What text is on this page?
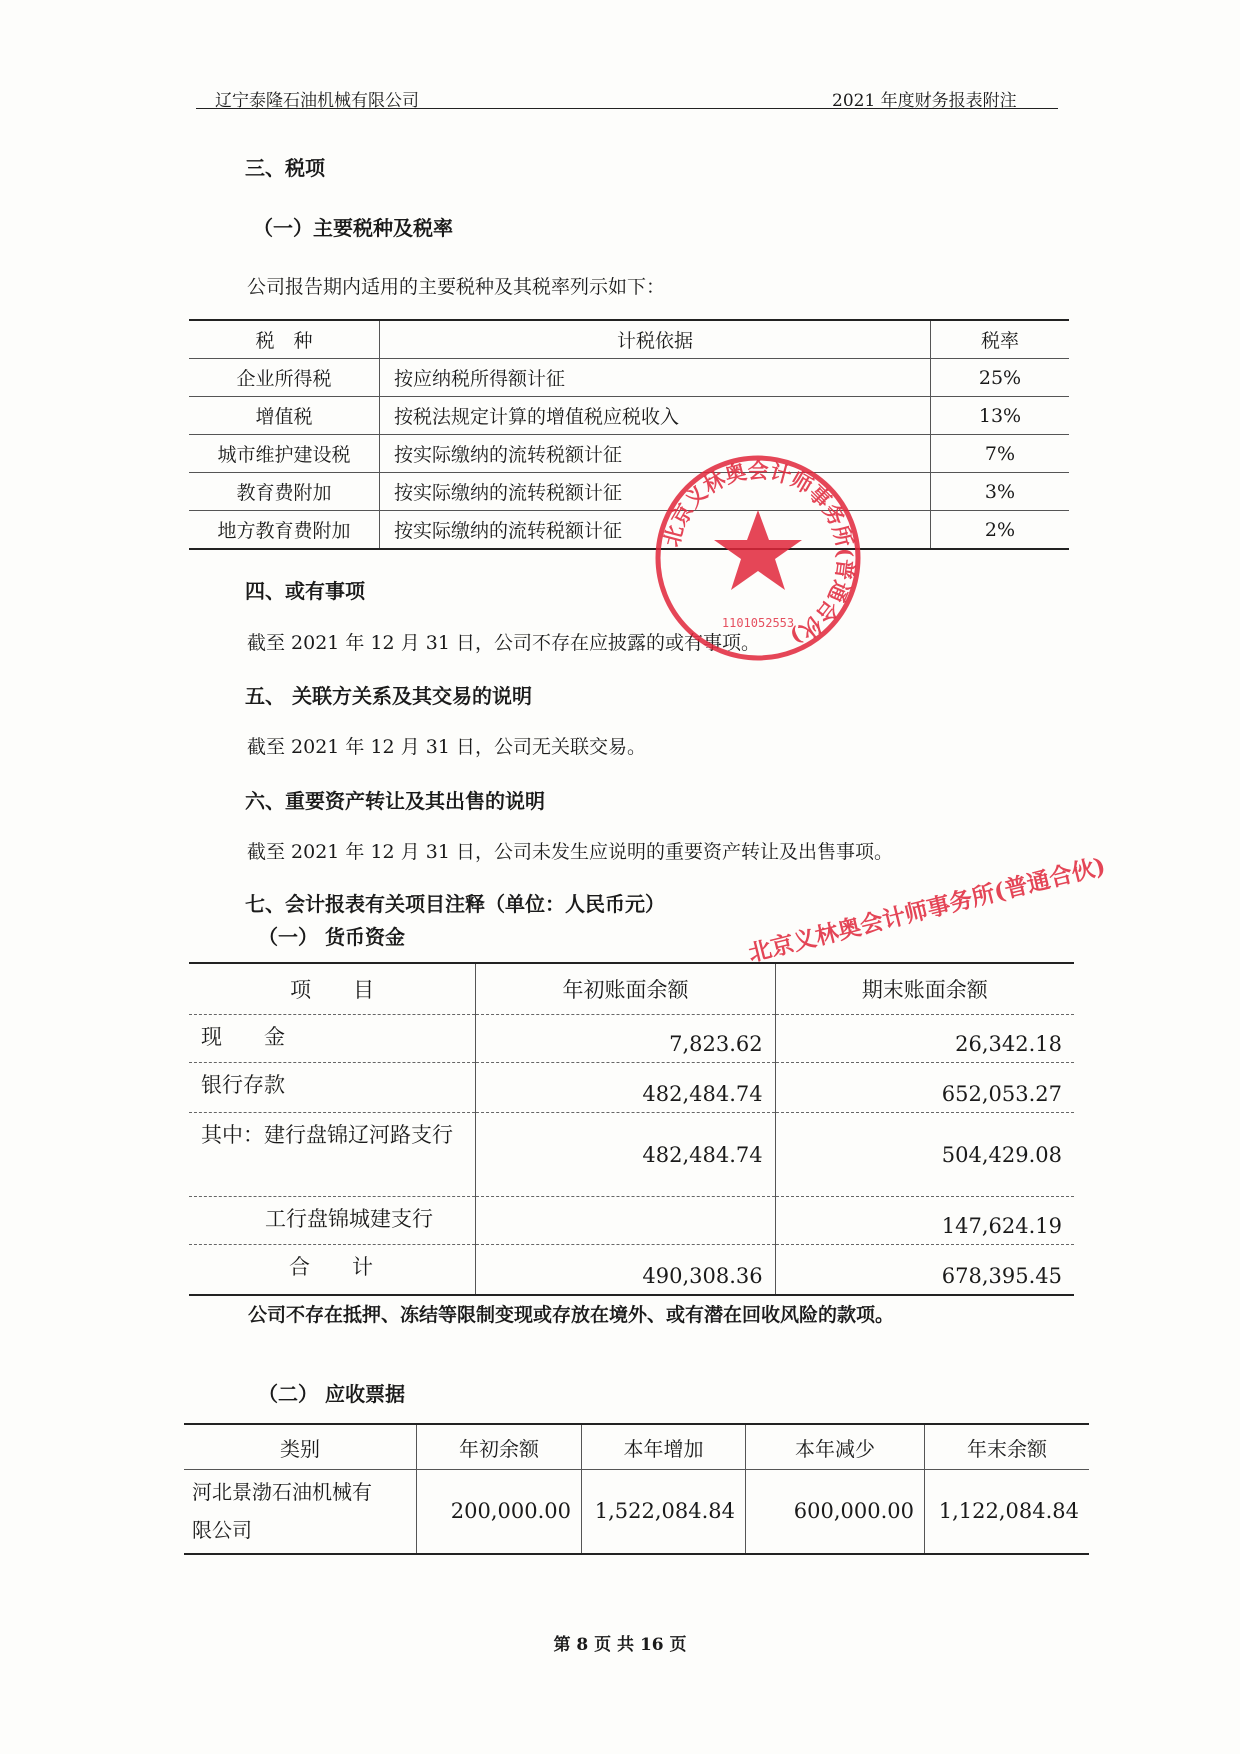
辽宁泰隆石油机械有限公司	2021 年度财务报表附注
三、税项
（一）主要税种及税率
公司报告期内适用的主要税种及其税率列示如下：
税　种	计税依据	税率
企业所得税	按应纳税所得额计征	25%
增值税	按税法规定计算的增值税应税收入	13%
城市维护建设税	按实际缴纳的流转税额计征	7%
教育费附加	按实际缴纳的流转税额计征	3%
地方教育费附加	按实际缴纳的流转税额计征	2%
四、或有事项
截至 2021 年 12 月 31 日，公司不存在应披露的或有事项。
五、 关联方关系及其交易的说明
截至 2021 年 12 月 31 日，公司无关联交易。
六、重要资产转让及其出售的说明
截至 2021 年 12 月 31 日，公司未发生应说明的重要资产转让及出售事项。
七、会计报表有关项目注释（单位：人民币元）
（一） 货币资金
项　　目	年初账面余额	期末账面余额
现　　金	7,823.62	26,342.18
银行存款	482,484.74	652,053.27
其中：建行盘锦辽河路支行	482,484.74	504,429.08
工行盘锦城建支行		147,624.19
合　　计	490,308.36	678,395.45
公司不存在抵押、冻结等限制变现或存放在境外、或有潜在回收风险的款项。
（二） 应收票据
类别	年初余额	本年增加	本年减少	年末余额

河北景渤石油机械有
限公司	200,000.00	1,522,084.84	600,000.00	1,122,084.84
第 8 页 共 16 页
北京义林奥会计师事务所(普通合伙)
1101052553
北京义林奥会计师事务所(普通合伙)
